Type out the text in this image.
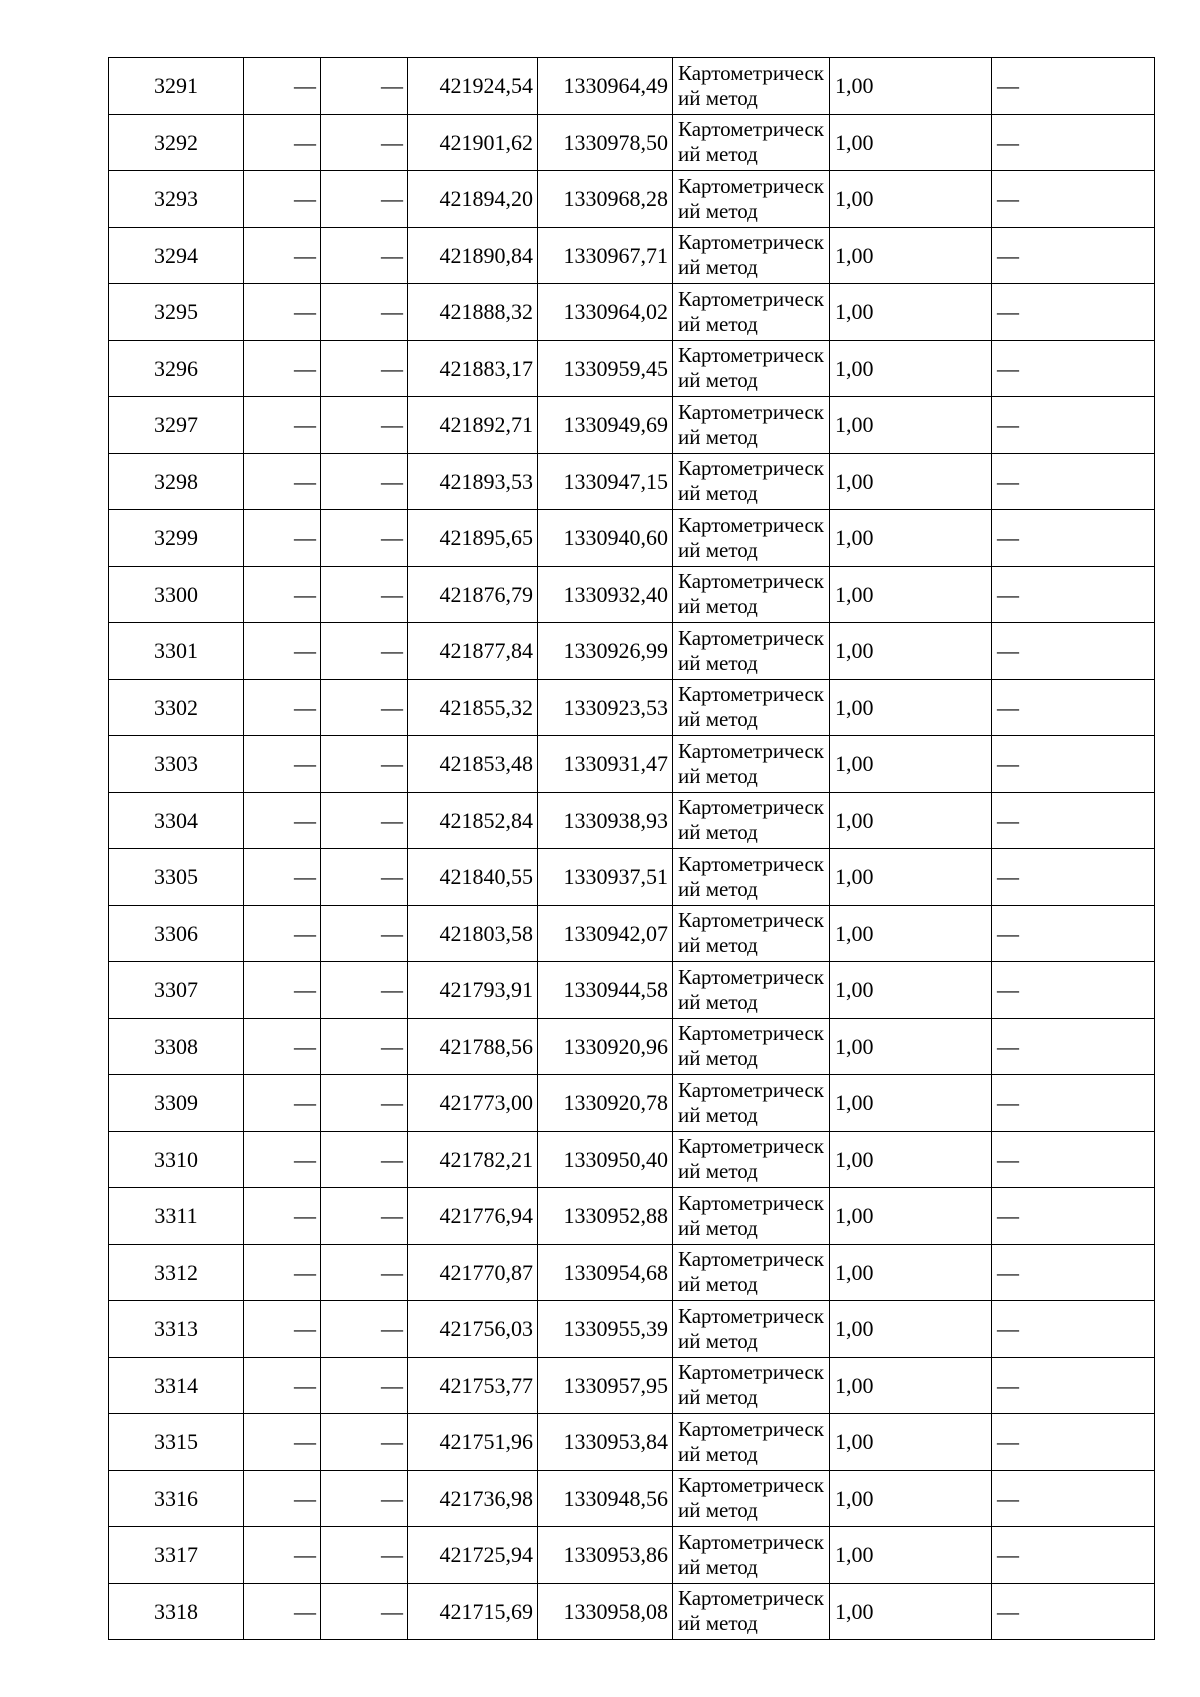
3291	—	—	421924,54	1330964,49	Картометрический метод	1,00	—
3292	—	—	421901,62	1330978,50	Картометрический метод	1,00	—
3293	—	—	421894,20	1330968,28	Картометрический метод	1,00	—
3294	—	—	421890,84	1330967,71	Картометрический метод	1,00	—
3295	—	—	421888,32	1330964,02	Картометрический метод	1,00	—
3296	—	—	421883,17	1330959,45	Картометрический метод	1,00	—
3297	—	—	421892,71	1330949,69	Картометрический метод	1,00	—
3298	—	—	421893,53	1330947,15	Картометрический метод	1,00	—
3299	—	—	421895,65	1330940,60	Картометрический метод	1,00	—
3300	—	—	421876,79	1330932,40	Картометрический метод	1,00	—
3301	—	—	421877,84	1330926,99	Картометрический метод	1,00	—
3302	—	—	421855,32	1330923,53	Картометрический метод	1,00	—
3303	—	—	421853,48	1330931,47	Картометрический метод	1,00	—
3304	—	—	421852,84	1330938,93	Картометрический метод	1,00	—
3305	—	—	421840,55	1330937,51	Картометрический метод	1,00	—
3306	—	—	421803,58	1330942,07	Картометрический метод	1,00	—
3307	—	—	421793,91	1330944,58	Картометрический метод	1,00	—
3308	—	—	421788,56	1330920,96	Картометрический метод	1,00	—
3309	—	—	421773,00	1330920,78	Картометрический метод	1,00	—
3310	—	—	421782,21	1330950,40	Картометрический метод	1,00	—
3311	—	—	421776,94	1330952,88	Картометрический метод	1,00	—
3312	—	—	421770,87	1330954,68	Картометрический метод	1,00	—
3313	—	—	421756,03	1330955,39	Картометрический метод	1,00	—
3314	—	—	421753,77	1330957,95	Картометрический метод	1,00	—
3315	—	—	421751,96	1330953,84	Картометрический метод	1,00	—
3316	—	—	421736,98	1330948,56	Картометрический метод	1,00	—
3317	—	—	421725,94	1330953,86	Картометрический метод	1,00	—
3318	—	—	421715,69	1330958,08	Картометрический метод	1,00	—
